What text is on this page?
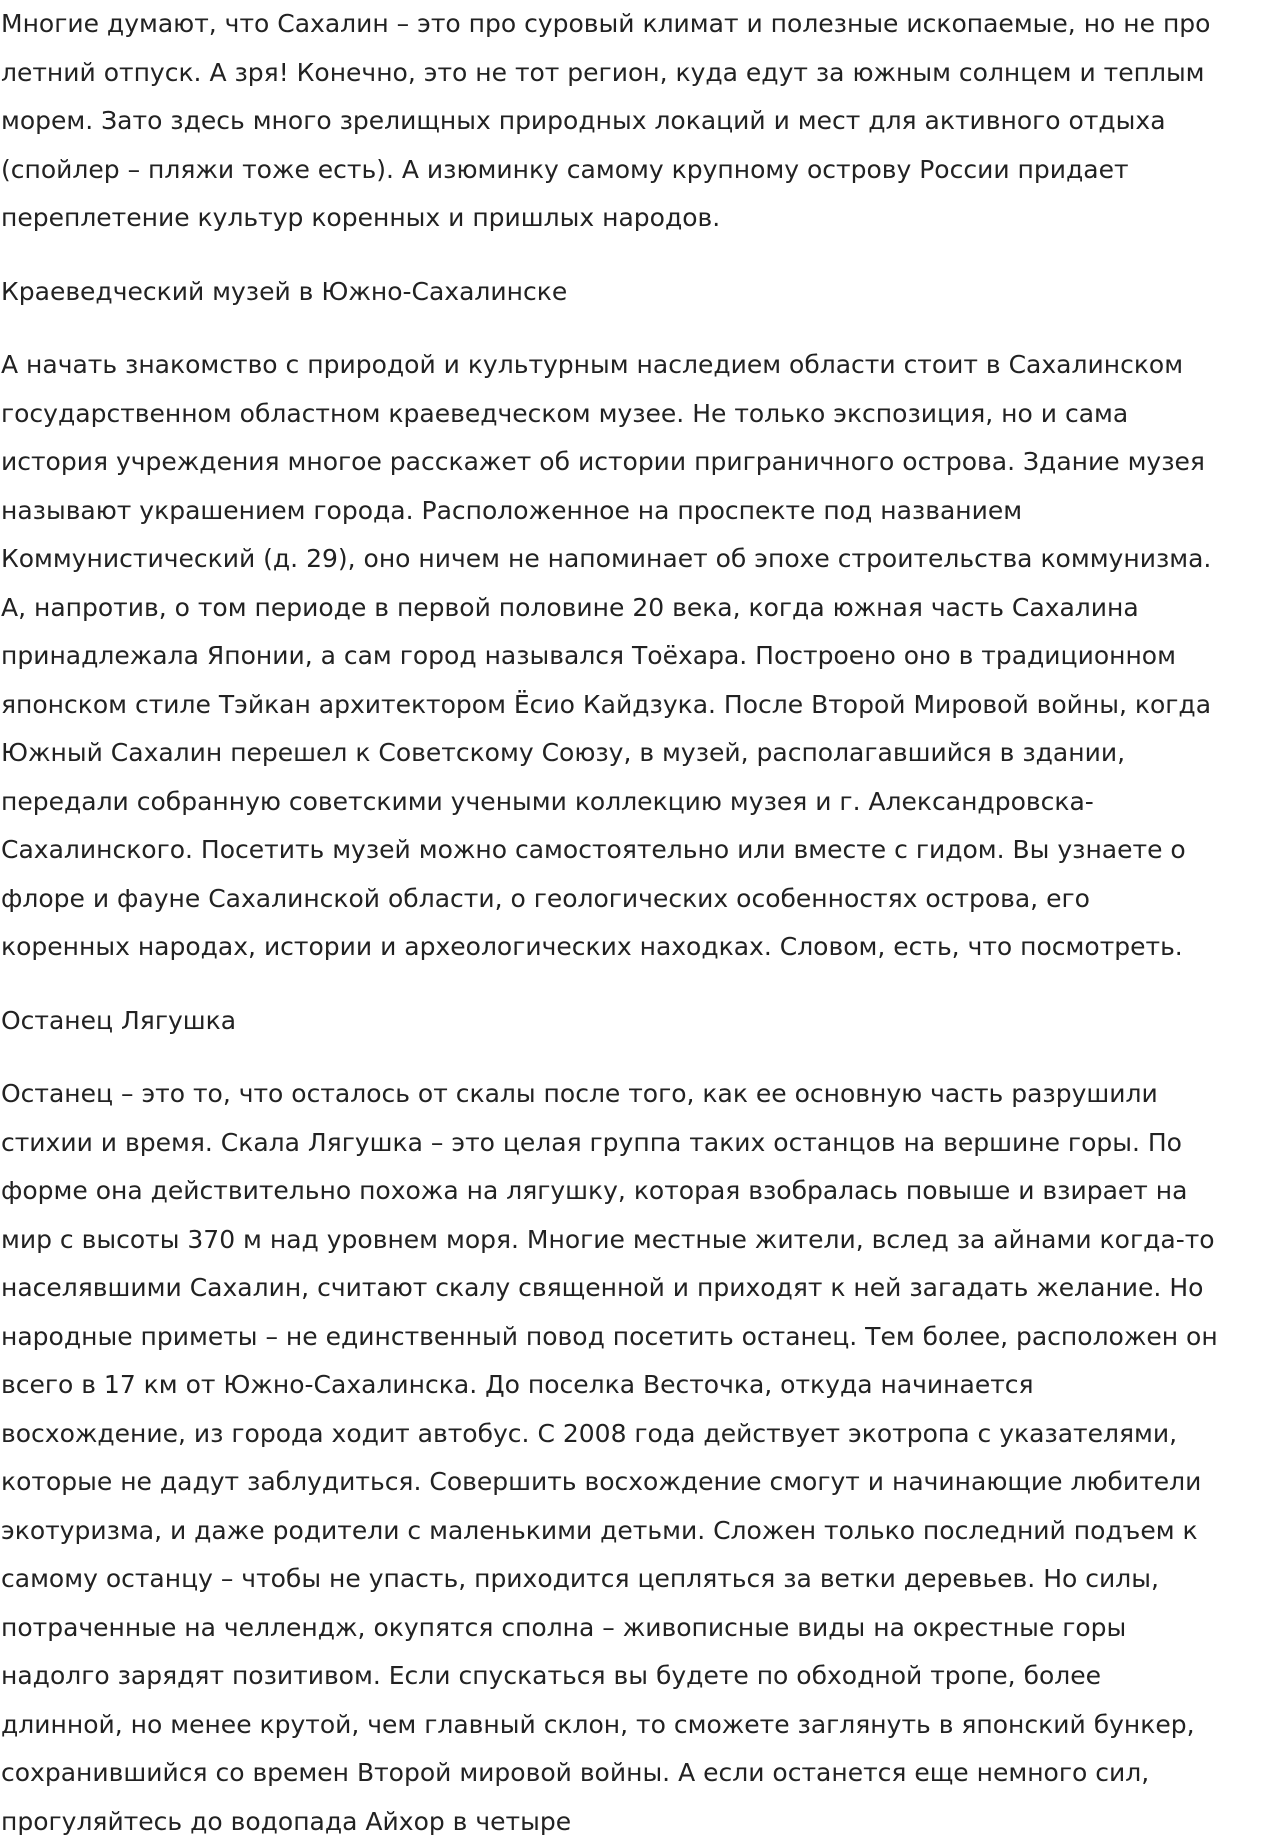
Многие думают, что Сахалин – это про суровый климат и полезные ископаемые, но не про
летний отпуск. А зря! Конечно, это не тот регион, куда едут за южным солнцем и теплым
морем. Зато здесь много зрелищных природных локаций и мест для активного отдыха
(спойлер – пляжи тоже есть). А изюминку самому крупному острову России придает
переплетение культур коренных и пришлых народов.

Краеведческий музей в Южно-Сахалинске

А начать знакомство с природой и культурным наследием области стоит в Сахалинском
государственном областном краеведческом музее. Не только экспозиция, но и сама
история учреждения многое расскажет об истории приграничного острова. Здание музея
называют украшением города. Расположенное на проспекте под названием
Коммунистический (д. 29), оно ничем не напоминает об эпохе строительства коммунизма.
А, напротив, о том периоде в первой половине 20 века, когда южная часть Сахалина
принадлежала Японии, а сам город назывался Тоёхара. Построено оно в традиционном
японском стиле Тэйкан архитектором Ёсио Кайдзука. После Второй Мировой войны, когда
Южный Сахалин перешел к Советскому Союзу, в музей, располагавшийся в здании,
передали собранную советскими учеными коллекцию музея и г. Александровска-
Сахалинского. Посетить музей можно самостоятельно или вместе с гидом. Вы узнаете о
флоре и фауне Сахалинской области, о геологических особенностях острова, его
коренных народах, истории и археологических находках. Словом, есть, что посмотреть.

Останец Лягушка

Останец – это то, что осталось от скалы после того, как ее основную часть разрушили
стихии и время. Скала Лягушка – это целая группа таких останцов на вершине горы. По
форме она действительно похожа на лягушку, которая взобралась повыше и взирает на
мир с высоты 370 м над уровнем моря. Многие местные жители, вслед за айнами когда-то
населявшими Сахалин, считают скалу священной и приходят к ней загадать желание. Но
народные приметы – не единственный повод посетить останец. Тем более, расположен он
всего в 17 км от Южно-Сахалинска. До поселка Весточка, откуда начинается
восхождение, из города ходит автобус. С 2008 года действует экотропа с указателями,
которые не дадут заблудиться. Совершить восхождение смогут и начинающие любители
экотуризма, и даже родители с маленькими детьми. Сложен только последний подъем к
самому останцу – чтобы не упасть, приходится цепляться за ветки деревьев. Но силы,
потраченные на челлендж, окупятся сполна – живописные виды на окрестные горы
надолго зарядят позитивом. Если спускаться вы будете по обходной тропе, более
длинной, но менее крутой, чем главный склон, то сможете заглянуть в японский бункер,
сохранившийся со времен Второй мировой войны. А если останется еще немного сил,
прогуляйтесь до водопада Айхор в четыре
